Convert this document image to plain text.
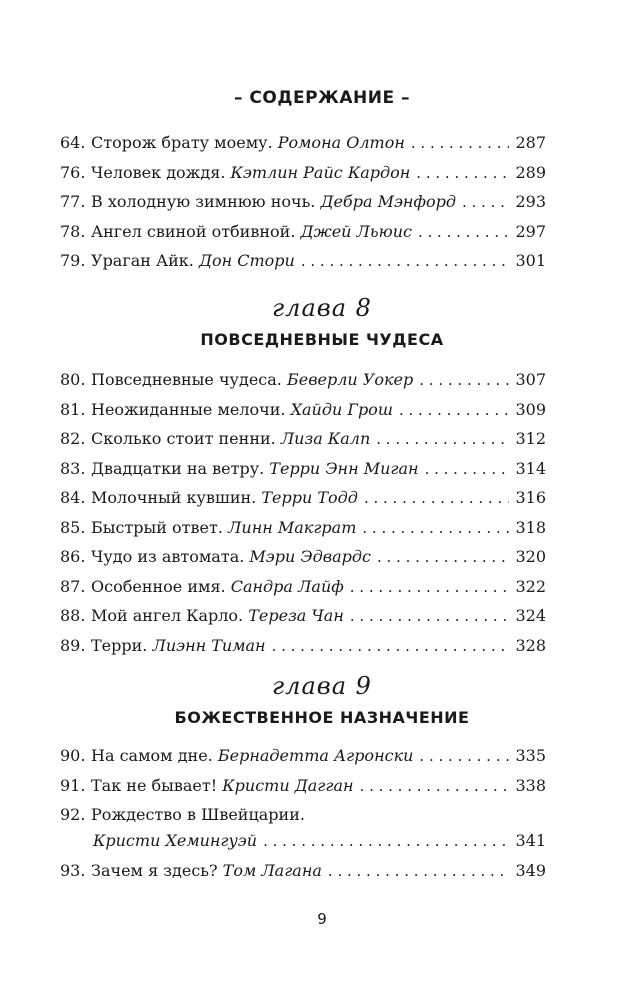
– СОДЕРЖАНИЕ –
64. Сторож брату моему. Ромона Олтон . . .	287
76. Человек дождя. Кэтлин Райс Кардон . . .	289
77. В холодную зимнюю ночь. Дебра Мэнфорд . . .	293
78. Ангел свиной отбивной. Джей Льюис . . .	297
79. Ураган Айк. Дон Стори . . .	301
глава 8
ПОВСЕДНЕВНЫЕ ЧУДЕСА
80. Повседневные чудеса. Беверли Уокер . . .	307
81. Неожиданные мелочи. Хайди Грош . . .	309
82. Сколько стоит пенни. Лиза Калп . . .	312
83. Двадцатки на ветру. Терри Энн Миган . . .	314
84. Молочный кувшин. Терри Тодд . . .	316
85. Быстрый ответ. Линн Макграт . . .	318
86. Чудо из автомата. Мэри Эдвардс . . .	320
87. Особенное имя. Сандра Лайф . . .	322
88. Мой ангел Карло. Тереза Чан . . .	324
89. Терри. Лиэнн Тиман . . .	328
глава 9
БОЖЕСТВЕННОЕ НАЗНАЧЕНИЕ
90. На самом дне. Бернадетта Агронски . . .	335
91. Так не бывает! Кристи Дагган . . .	338
92. Рождество в Швейцарии.
Кристи Хемингуэй . . .	341
93. Зачем я здесь? Том Лагана . . .	349
9
